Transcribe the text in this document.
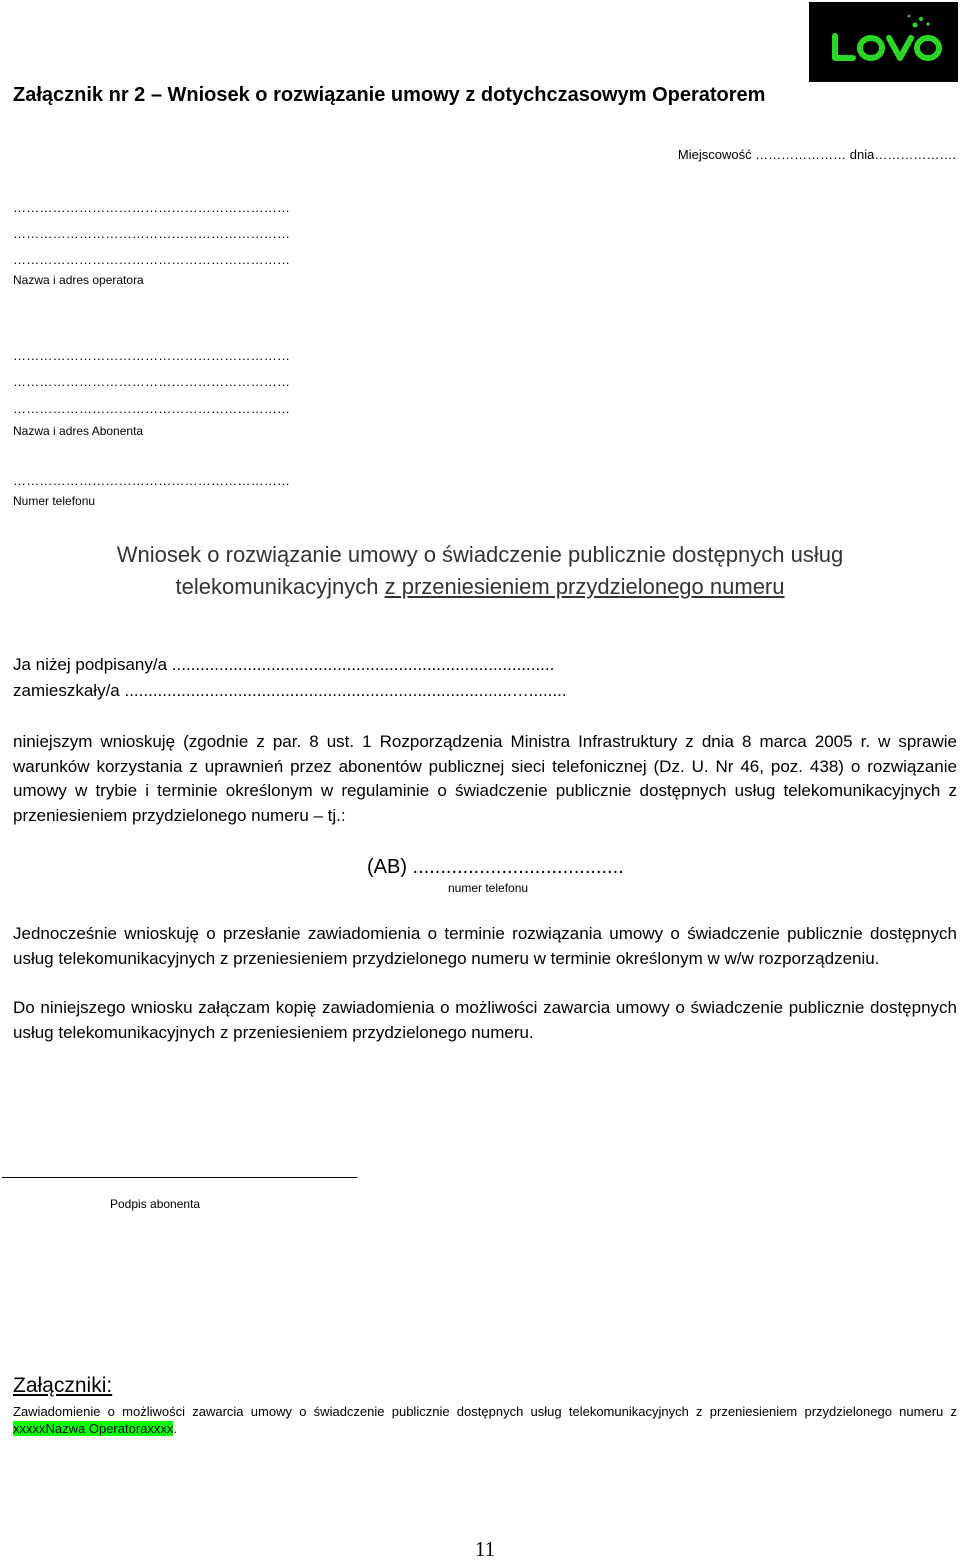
Załącznik nr 2 – Wniosek o rozwiązanie umowy z dotychczasowym Operatorem
Miejscowość ………………… dnia……………….
………………………………………………………
………………………………………………………
………………………………………………………
Nazwa i adres operatora
………………………………………………………
………………………………………………………
………………………………………………………
Nazwa i adres Abonenta
………………………………………………………
Numer telefonu
Wniosek o rozwiązanie umowy o świadczenie publicznie dostępnych usług
telekomunikacyjnych z przeniesieniem przydzielonego numeru
Ja niżej podpisany/a .................................................................................
zamieszkały/a ..................................................................................…........
niniejszym wnioskuję (zgodnie z par. 8 ust. 1 Rozporządzenia Ministra Infrastruktury z dnia 8 marca 2005 r. w sprawie warunków korzystania z uprawnień przez abonentów publicznej sieci telefonicznej (Dz. U. Nr 46, poz. 438) o rozwiązanie umowy w trybie i terminie określonym w regulaminie o świadczenie publicznie dostępnych usług telekomunikacyjnych z przeniesieniem przydzielonego numeru – tj.:
(AB) ......................................
numer telefonu
Jednocześnie wnioskuję o przesłanie zawiadomienia o terminie rozwiązania umowy o świadczenie publicznie dostępnych usług telekomunikacyjnych z przeniesieniem przydzielonego numeru w terminie określonym w w/w rozporządzeniu.
Do niniejszego wniosku załączam kopię zawiadomienia o możliwości zawarcia umowy o świadczenie publicznie dostępnych usług telekomunikacyjnych z przeniesieniem przydzielonego numeru.
Podpis abonenta
Załączniki:
Zawiadomienie o możliwości zawarcia umowy o świadczenie publicznie dostępnych usług telekomunikacyjnych z przeniesieniem przydzielonego numeru z xxxxxNazwa Operatoraxxxx.
11
